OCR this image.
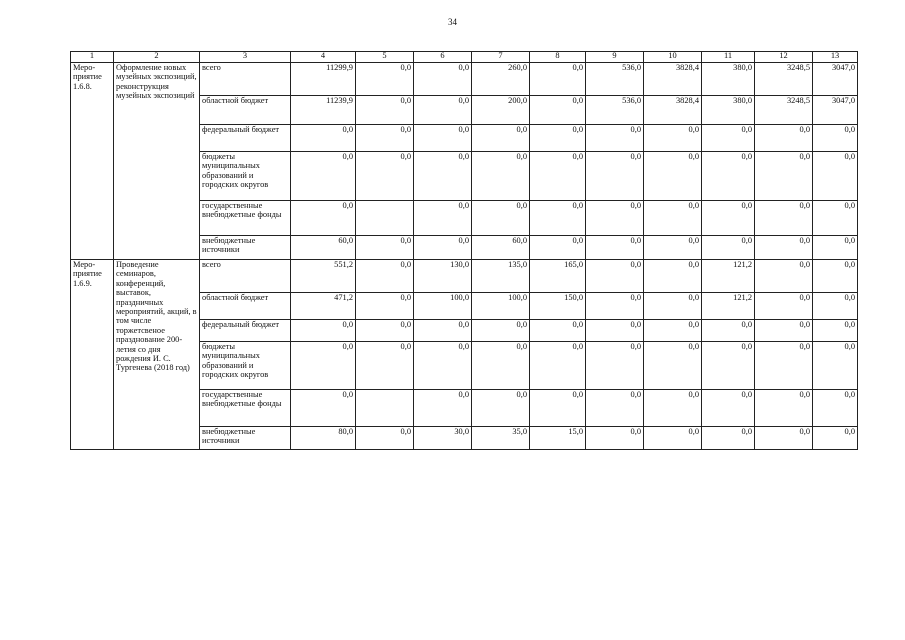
34
1	2	3	4	5	6	7	8	9	10	11	12	13
Меро-приятие 1.6.8.	Оформление новых музейных экспозиций, реконструкция музейных экспозиций	всего	11299,9	0,0	0,0	260,0	0,0	536,0	3828,4	380,0	3248,5	3047,0
		областной бюджет	11239,9	0,0	0,0	200,0	0,0	536,0	3828,4	380,0	3248,5	3047,0
		федеральный бюджет	0,0	0,0	0,0	0,0	0,0	0,0	0,0	0,0	0,0	0,0
		бюджеты муниципальных образований и городских округов	0,0	0,0	0,0	0,0	0,0	0,0	0,0	0,0	0,0	0,0
		государственные внебюджетные фонды	0,0		0,0	0,0	0,0	0,0	0,0	0,0	0,0	0,0
		внебюджетные источники	60,0	0,0	0,0	60,0	0,0	0,0	0,0	0,0	0,0	0,0
Меро-приятие 1.6.9.	Проведение семинаров, конференций, выставок, праздничных мероприятий, акций, в том числе торжетсвеное празднование 200-летия со дня рождения И. С. Тургенева (2018 год)	всего	551,2	0,0	130,0	135,0	165,0	0,0	0,0	121,2	0,0	0,0
		областной бюджет	471,2	0,0	100,0	100,0	150,0	0,0	0,0	121,2	0,0	0,0
		федеральный бюджет	0,0	0,0	0,0	0,0	0,0	0,0	0,0	0,0	0,0	0,0
		бюджеты муниципальных образований и городских округов	0,0	0,0	0,0	0,0	0,0	0,0	0,0	0,0	0,0	0,0
		государственные внебюджетные фонды	0,0		0,0	0,0	0,0	0,0	0,0	0,0	0,0	0,0
		внебюджетные источники	80,0	0,0	30,0	35,0	15,0	0,0	0,0	0,0	0,0	0,0
